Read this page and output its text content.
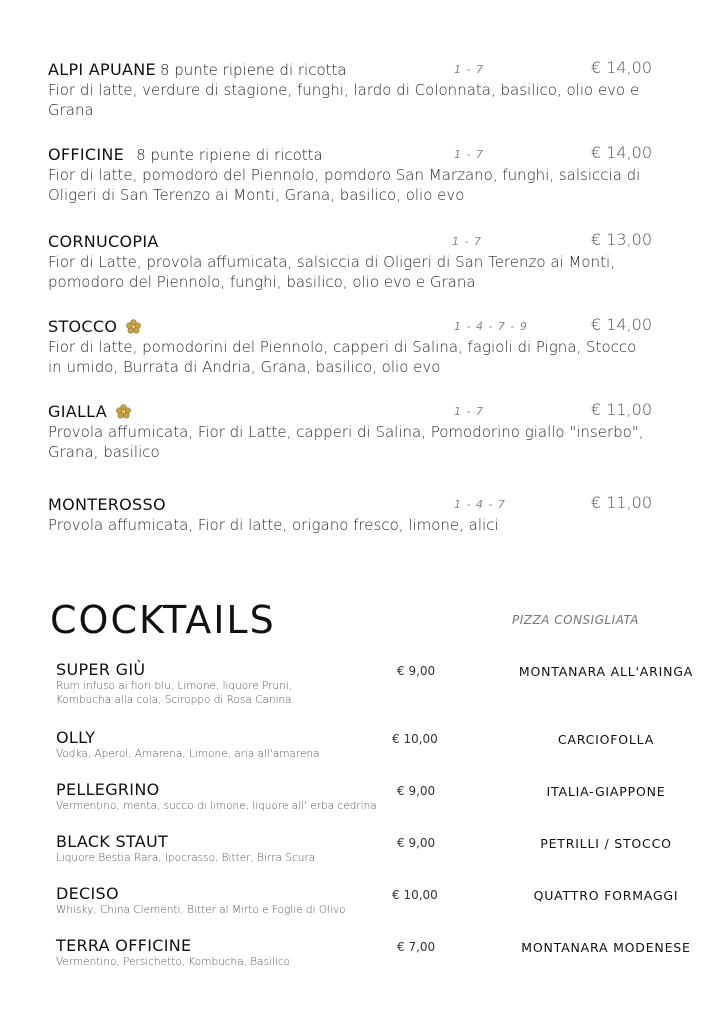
ALPI APUANE 8 punte ripiene di ricotta	1 - 7	€ 14,00
Fior di latte, verdure di stagione, funghi, lardo di Colonnata, basilico, olio evo e Grana
OFFICINE 8 punte ripiene di ricotta	1 - 7	€ 14,00
Fior di latte, pomodoro del Piennolo, pomdoro San Marzano, funghi, salsiccia di Oligeri di San Terenzo ai Monti, Grana, basilico, olio evo
CORNUCOPIA	1 - 7	€ 13,00
Fior di Latte, provola affumicata, salsiccia di Oligeri di San Terenzo ai Monti, pomodoro del Piennolo, funghi, basilico, olio evo e Grana
STOCCO	1 - 4 - 7 - 9	€ 14,00
Fior di latte, pomodorini del Piennolo, capperi di Salina, fagioli di Pigna, Stocco in umido, Burrata di Andria, Grana, basilico, olio evo
GIALLA	1 - 7	€ 11,00
Provola affumicata, Fior di Latte, capperi di Salina, Pomodorino giallo "inserbo", Grana, basilico
MONTEROSSO	1 - 4 - 7	€ 11,00
Provola affumicata, Fior di latte, origano fresco, limone, alici
COCKTAILS	PIZZA CONSIGLIATA
SUPER GIÙ
Rum infuso ai fiori blu, Limone, liquore Pruni, Kombucha alla cola, Sciroppo di Rosa Canina
€ 9,00	MONTANARA ALL'ARINGA
OLLY
Vodka, Aperol, Amarena, Limone, aria all'amarena
€ 10,00	CARCIOFOLLA
PELLEGRINO
Vermentino, menta, succo di limone, liquore all' erba cedrina
€ 9,00	ITALIA-GIAPPONE
BLACK STAUT
Liquore Bestia Rara, Ipocrasso, Bitter, Birra Scura
€ 9,00	PETRILLI / STOCCO
DECISO
Whisky, China Clementi, Bitter al Mirto e Foglie di Olivo
€ 10,00	QUATTRO FORMAGGI
TERRA OFFICINE
Vermentino, Persichetto, Kombucha, Basilico
€ 7,00	MONTANARA MODENESE
